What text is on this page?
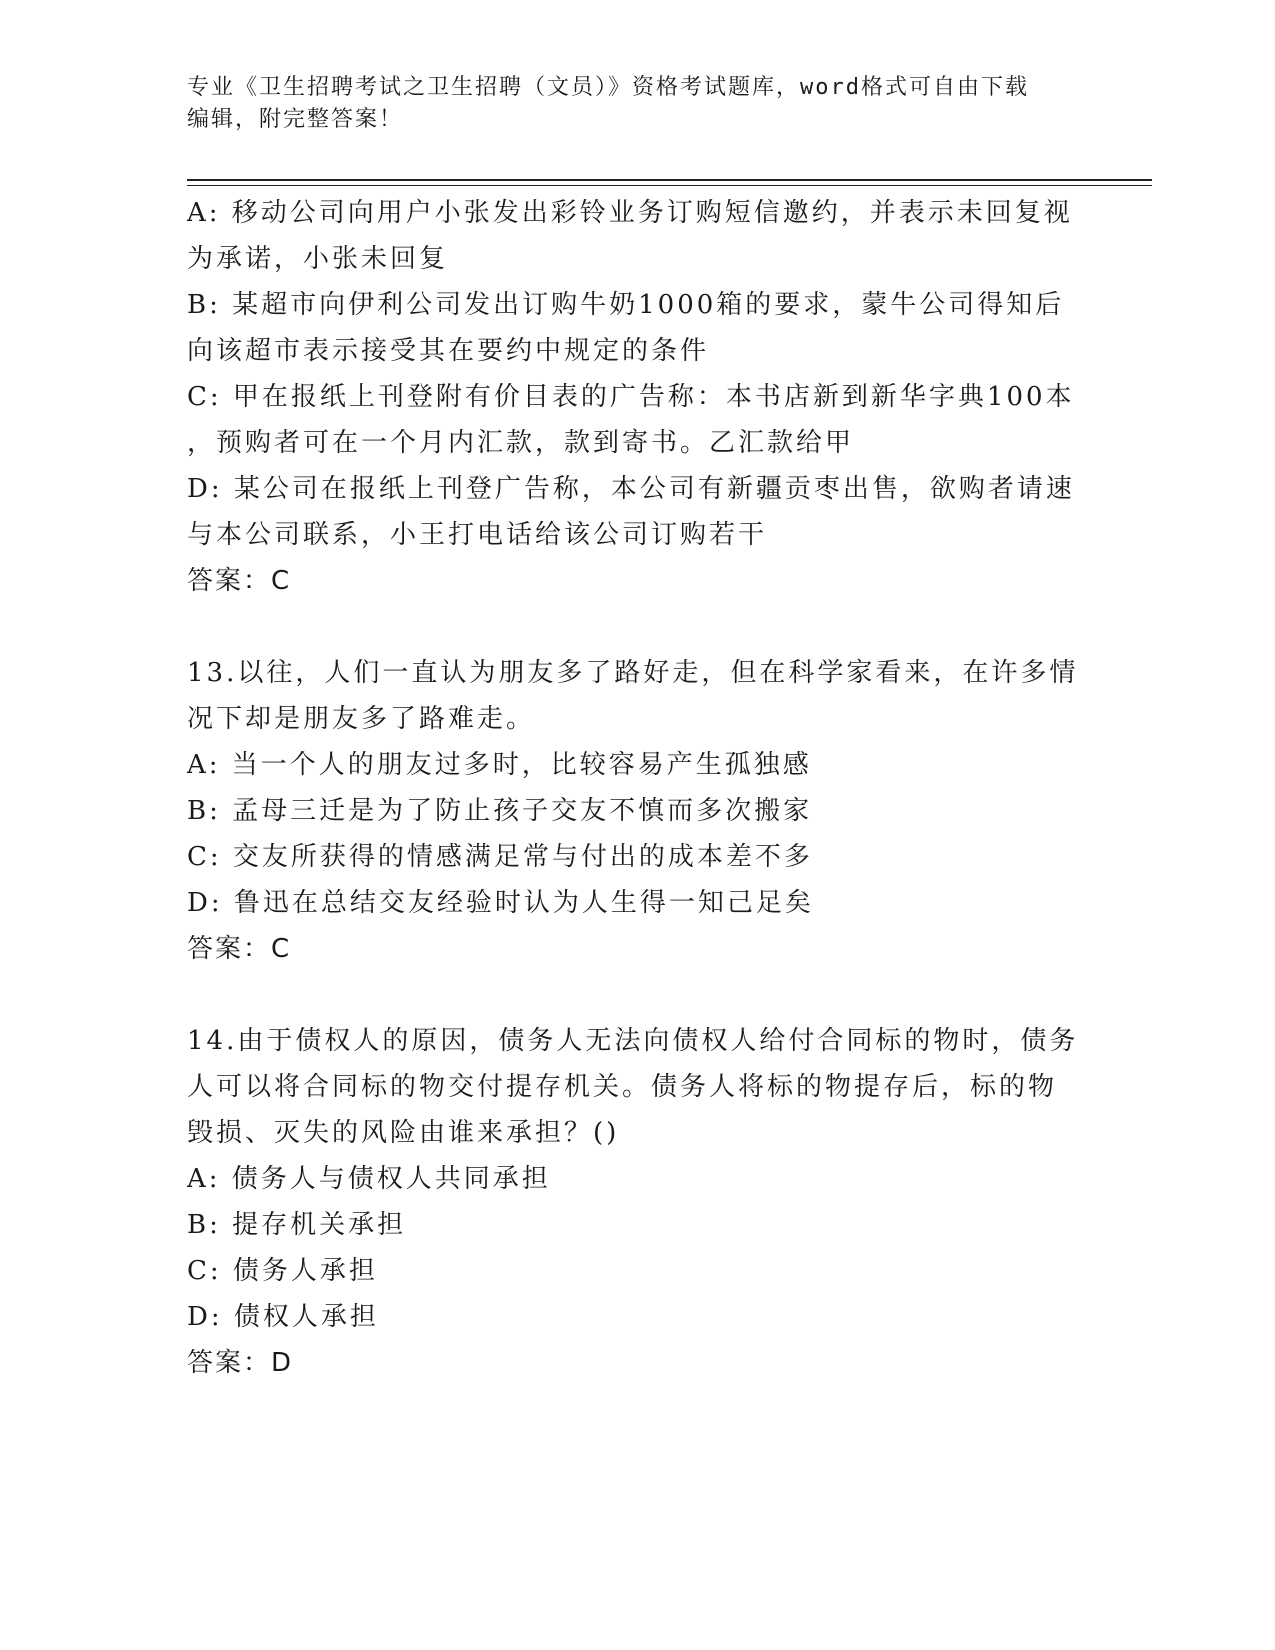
专业《卫生招聘考试之卫生招聘（文员）》资格考试题库，word格式可自由下载
编辑，附完整答案！
A: 移动公司向用户小张发出彩铃业务订购短信邀约，并表示未回复视
为承诺，小张未回复
B: 某超市向伊利公司发出订购牛奶1000箱的要求，蒙牛公司得知后
向该超市表示接受其在要约中规定的条件
C: 甲在报纸上刊登附有价目表的广告称：本书店新到新华字典100本
，预购者可在一个月内汇款，款到寄书。乙汇款给甲
D: 某公司在报纸上刊登广告称，本公司有新疆贡枣出售，欲购者请速
与本公司联系，小王打电话给该公司订购若干
答案：C
13.以往，人们一直认为朋友多了路好走，但在科学家看来，在许多情
况下却是朋友多了路难走。
A: 当一个人的朋友过多时，比较容易产生孤独感
B: 孟母三迁是为了防止孩子交友不慎而多次搬家
C: 交友所获得的情感满足常与付出的成本差不多
D: 鲁迅在总结交友经验时认为人生得一知己足矣
答案：C
14.由于债权人的原因，债务人无法向债权人给付合同标的物时，债务
人可以将合同标的物交付提存机关。债务人将标的物提存后，标的物
毁损、灭失的风险由谁来承担？()
A: 债务人与债权人共同承担
B: 提存机关承担
C: 债务人承担
D: 债权人承担
答案：D
